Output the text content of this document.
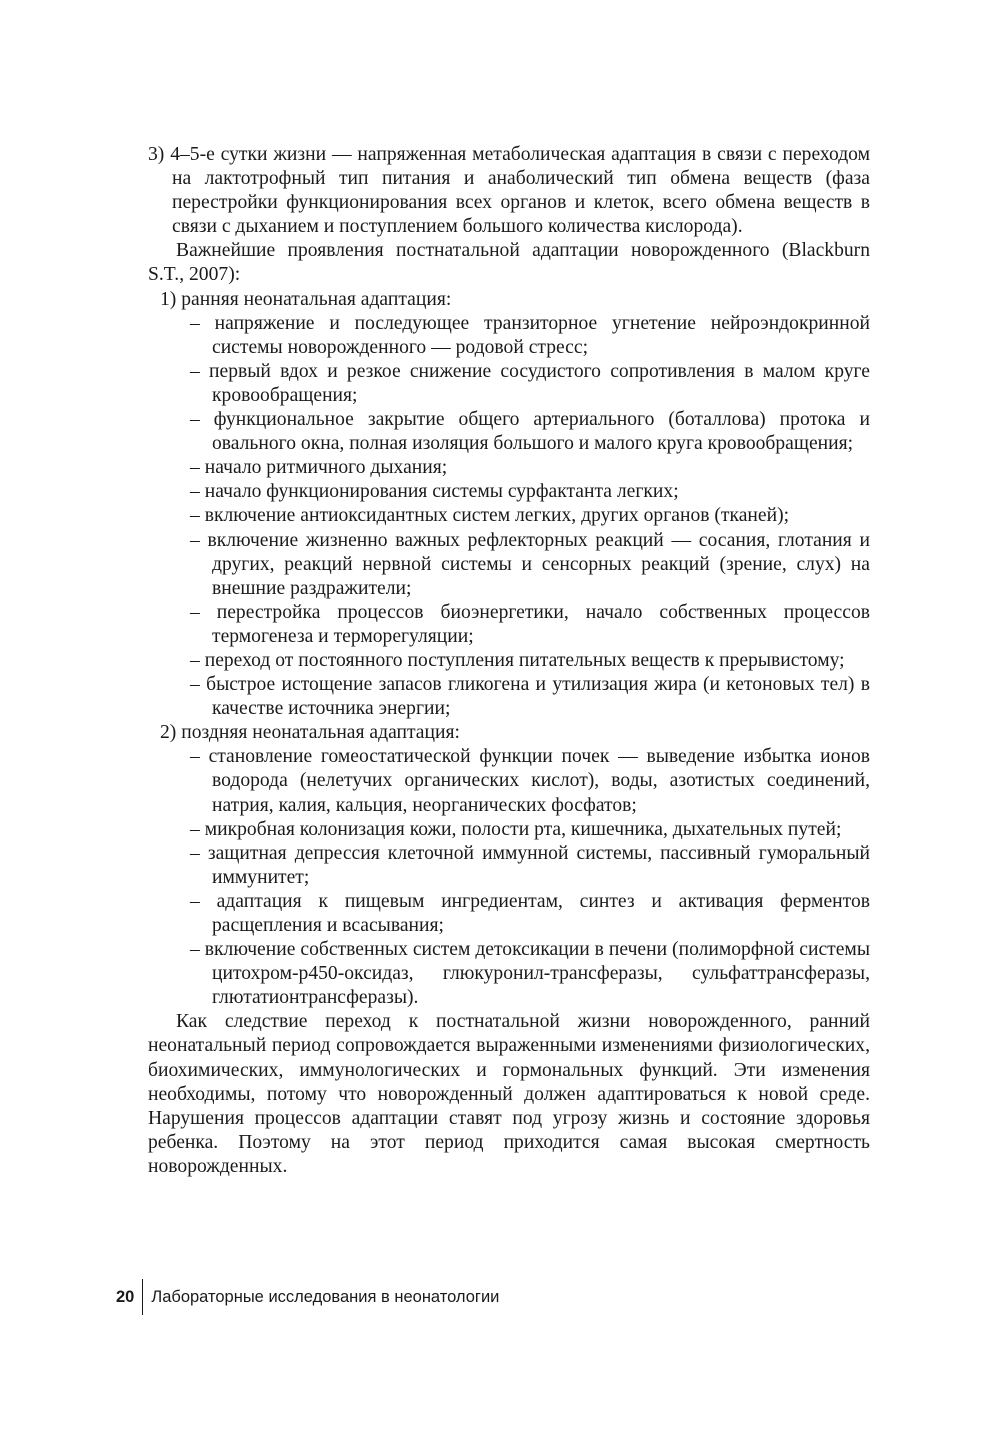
3) 4–5-е сутки жизни — напряженная метаболическая адаптация в связи с переходом на лактотрофный тип питания и анаболический тип обмена веществ (фаза перестройки функционирования всех органов и клеток, всего обмена веществ в связи с дыханием и поступлением большого количества кислорода).
Важнейшие проявления постнатальной адаптации новорожденного (Blackburn S.T., 2007):
1) ранняя неонатальная адаптация:
– напряжение и последующее транзиторное угнетение нейроэндокринной системы новорожденного — родовой стресс;
– первый вдох и резкое снижение сосудистого сопротивления в малом круге кровообращения;
– функциональное закрытие общего артериального (боталлова) протока и овального окна, полная изоляция большого и малого круга кровообращения;
– начало ритмичного дыхания;
– начало функционирования системы сурфактанта легких;
– включение антиоксидантных систем легких, других органов (тканей);
– включение жизненно важных рефлекторных реакций — сосания, глотания и других, реакций нервной системы и сенсорных реакций (зрение, слух) на внешние раздражители;
– перестройка процессов биоэнергетики, начало собственных процессов термогенеза и терморегуляции;
– переход от постоянного поступления питательных веществ к прерывистому;
– быстрое истощение запасов гликогена и утилизация жира (и кетоновых тел) в качестве источника энергии;
2) поздняя неонатальная адаптация:
– становление гомеостатической функции почек — выведение избытка ионов водорода (нелетучих органических кислот), воды, азотистых соединений, натрия, калия, кальция, неорганических фосфатов;
– микробная колонизация кожи, полости рта, кишечника, дыхательных путей;
– защитная депрессия клеточной иммунной системы, пассивный гуморальный иммунитет;
– адаптация к пищевым ингредиентам, синтез и активация ферментов расщепления и всасывания;
– включение собственных систем детоксикации в печени (полиморфной системы цитохром-p450-оксидаз, глюкуронил-трансферазы, сульфаттрансферазы, глютатионтрансферазы).
Как следствие переход к постнатальной жизни новорожденного, ранний неонатальный период сопровождается выраженными изменениями физиологических, биохимических, иммунологических и гормональных функций. Эти изменения необходимы, потому что новорожденный должен адаптироваться к новой среде. Нарушения процессов адаптации ставят под угрозу жизнь и состояние здоровья ребенка. Поэтому на этот период приходится самая высокая смертность новорожденных.
20	Лабораторные исследования в неонатологии
